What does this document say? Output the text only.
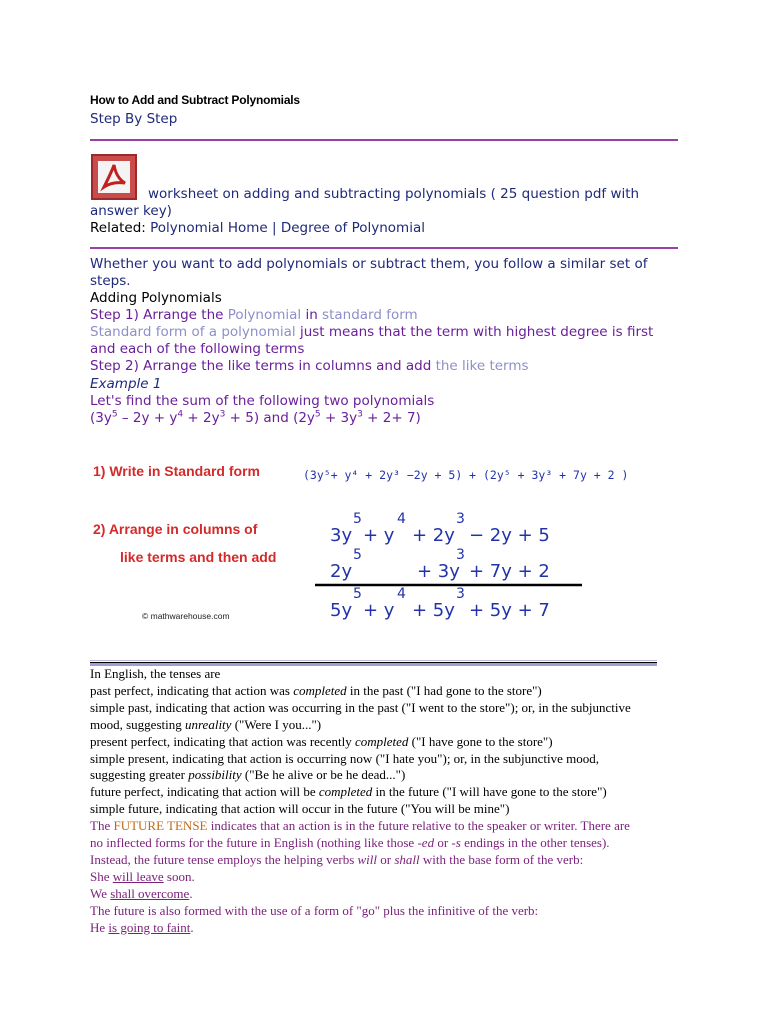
How to Add and Subtract Polynomials
Step By Step
worksheet on adding and subtracting polynomials ( 25 question pdf with
answer key)
Related: Polynomial Home | Degree of Polynomial
Whether you want to add polynomials or subtract them, you follow a similar set of steps.
Adding Polynomials
Step 1) Arrange the Polynomial in standard form
Standard form of a polynomial just means that the term with highest degree is first
and each of the following terms
Step 2) Arrange the like terms in columns and add the like terms
Example 1
Let's find the sum of the following two polynomials
$(3y^5 - 2y + y^4 + 2y^3 + 5)$ and $(2y^5 + 3y^3 + 2+ 7)$
1) Write in Standard form	(3y⁵+ y⁴ + 2y³ −2y + 5) + (2y⁵ + 3y³ + 7y + 2 )
2) Arrange in columns of
like terms and then add
© mathwarehouse.com
3y
5
+ y
4
+ 2y
3
− 2y + 5
2y
5
+ 3y
3
+ 7y + 2
5y
5
+ y
4
+ 5y
3
+ 5y + 7
In English, the tenses are
past perfect, indicating that action was completed in the past ("I had gone to the store")
simple past, indicating that action was occurring in the past ("I went to the store"); or, in the subjunctive
mood, suggesting unreality ("Were I you...")
present perfect, indicating that action was recently completed ("I have gone to the store")
simple present, indicating that action is occurring now ("I hate you"); or, in the subjunctive mood,
suggesting greater possibility ("Be he alive or be he dead...")
future perfect, indicating that action will be completed in the future ("I will have gone to the store")
simple future, indicating that action will occur in the future ("You will be mine")
The FUTURE TENSE indicates that an action is in the future relative to the speaker or writer. There are
no inflected forms for the future in English (nothing like those -ed or -s endings in the other tenses).
Instead, the future tense employs the helping verbs will or shall with the base form of the verb:
She will leave soon.
We shall overcome.
The future is also formed with the use of a form of "go" plus the infinitive of the verb:
He is going to faint.
